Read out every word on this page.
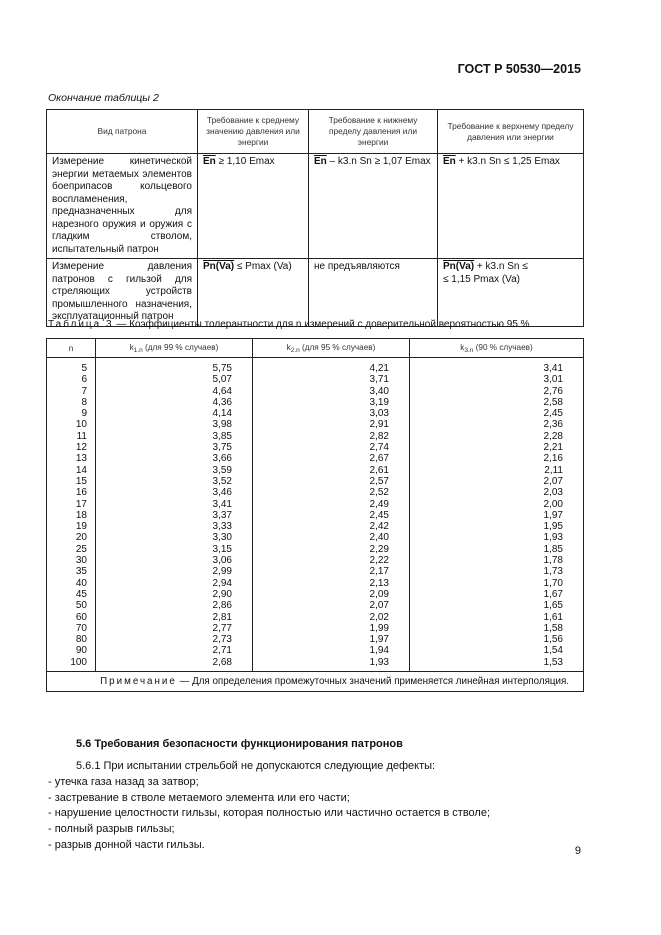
ГОСТ Р 50530—2015
Окончание таблицы 2
Вид патрона	Требование к среднему значению давления или энергии	Требование к нижнему пределу давления или энергии	Требование к верхнему пределу давления или энергии
Измерение кинетической энергии метаемых элементов боеприпасов кольцевого воспламенения, предназначенных для нарезного оружия и оружия с гладким стволом, испытательный патрон	$\overline{En} \ge 1,10$ Emax	$\overline{En} - k3.n$ Sn ≥ 1,07 Emax	$\overline{En} + k3.n$ Sn ≤ 1,25 Emax
Измерение давления патронов с гильзой для стреляющих устройств промышленного назначения, эксплуатационный патрон	Pn(Va) ≤ Pmax (Va)	не предъявляются	Pn(Va) + k3.n Sn ≤
≤ 1,15 Pmax (Va)
Таблица 3 — Коэффициенты толерантности для n измерений с доверительной вероятностью 95 %
n	$k_{1.n}$ (для 99 % случаев)	$k_{2.n}$ (для 95 % случаев)	$k_{3.n}$ (90 % случаев)
5	5,75	4,21	3,41
6	5,07	3,71	3,01
7	4,64	3,40	2,76
8	4,36	3,19	2,58
9	4,14	3,03	2,45
10	3,98	2,91	2,36
11	3,85	2,82	2,28
12	3,75	2,74	2,21
13	3,66	2,67	2,16
14	3,59	2,61	2,11
15	3,52	2,57	2,07
16	3,46	2,52	2,03
17	3,41	2,49	2,00
18	3,37	2,45	1,97
19	3,33	2,42	1,95
20	3,30	2,40	1,93
25	3,15	2,29	1,85
30	3,06	2,22	1,78
35	2,99	2,17	1,73
40	2,94	2,13	1,70
45	2,90	2,09	1,67
50	2,86	2,07	1,65
60	2,81	2,02	1,61
70	2,77	1,99	1,58
80	2,73	1,97	1,56
90	2,71	1,94	1,54
100	2,68	1,93	1,53
Примечание — Для определения промежуточных значений применяется линейная интерполяция.			
5.6 Требования безопасности функционирования патронов

5.6.1 При испытании стрельбой не допускаются следующие дефекты:

- утечка газа назад за затвор;

- застревание в стволе метаемого элемента или его части;

- нарушение целостности гильзы, которая полностью или частично остается в стволе;

- полный разрыв гильзы;

- разрыв донной части гильзы.

9
